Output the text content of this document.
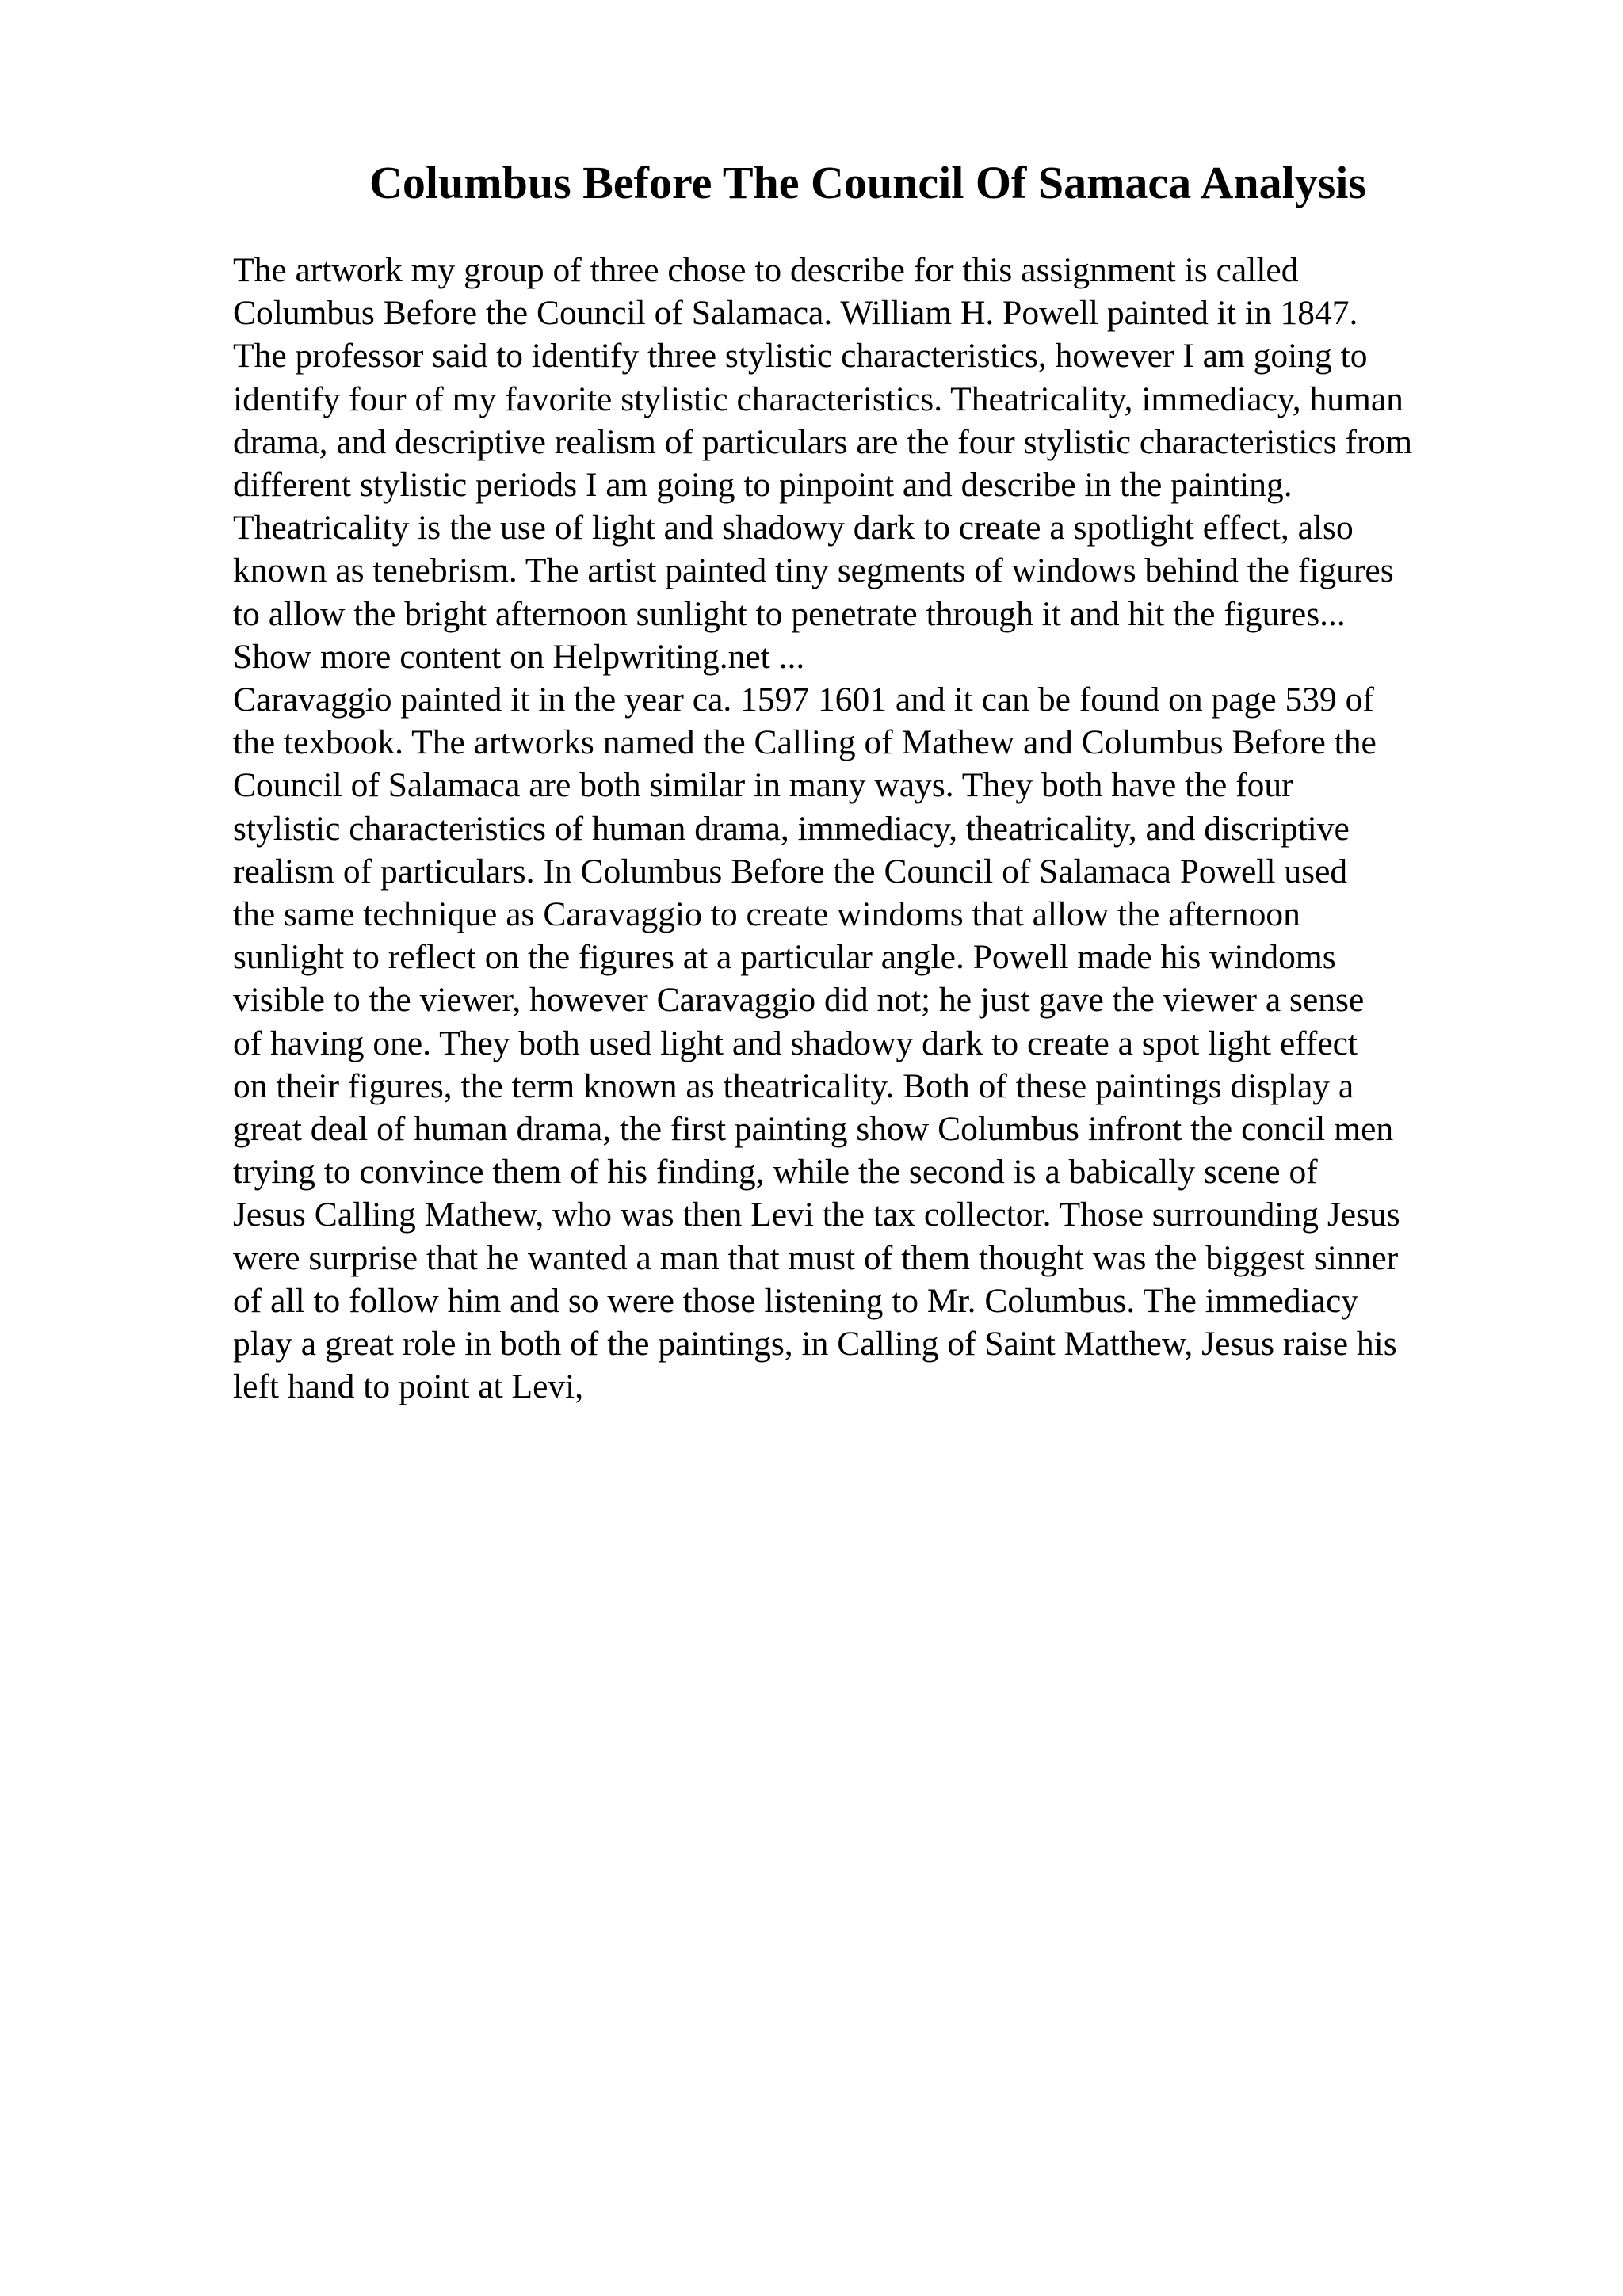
Columbus Before The Council Of Samaca Analysis
The artwork my group of three chose to describe for this assignment is called
Columbus Before the Council of Salamaca. William H. Powell painted it in 1847.
The professor said to identify three stylistic characteristics, however I am going to
identify four of my favorite stylistic characteristics. Theatricality, immediacy, human
drama, and descriptive realism of particulars are the four stylistic characteristics from
different stylistic periods I am going to pinpoint and describe in the painting.
Theatricality is the use of light and shadowy dark to create a spotlight effect, also
known as tenebrism. The artist painted tiny segments of windows behind the figures
to allow the bright afternoon sunlight to penetrate through it and hit the figures...
Show more content on Helpwriting.net ...
Caravaggio painted it in the year ca. 1597 1601 and it can be found on page 539 of
the texbook. The artworks named the Calling of Mathew and Columbus Before the
Council of Salamaca are both similar in many ways. They both have the four
stylistic characteristics of human drama, immediacy, theatricality, and discriptive
realism of particulars. In Columbus Before the Council of Salamaca Powell used
the same technique as Caravaggio to create windoms that allow the afternoon
sunlight to reflect on the figures at a particular angle. Powell made his windoms
visible to the viewer, however Caravaggio did not; he just gave the viewer a sense
of having one. They both used light and shadowy dark to create a spot light effect
on their figures, the term known as theatricality. Both of these paintings display a
great deal of human drama, the first painting show Columbus infront the concil men
trying to convince them of his finding, while the second is a babically scene of
Jesus Calling Mathew, who was then Levi the tax collector. Those surrounding Jesus
were surprise that he wanted a man that must of them thought was the biggest sinner
of all to follow him and so were those listening to Mr. Columbus. The immediacy
play a great role in both of the paintings, in Calling of Saint Matthew, Jesus raise his
left hand to point at Levi,
